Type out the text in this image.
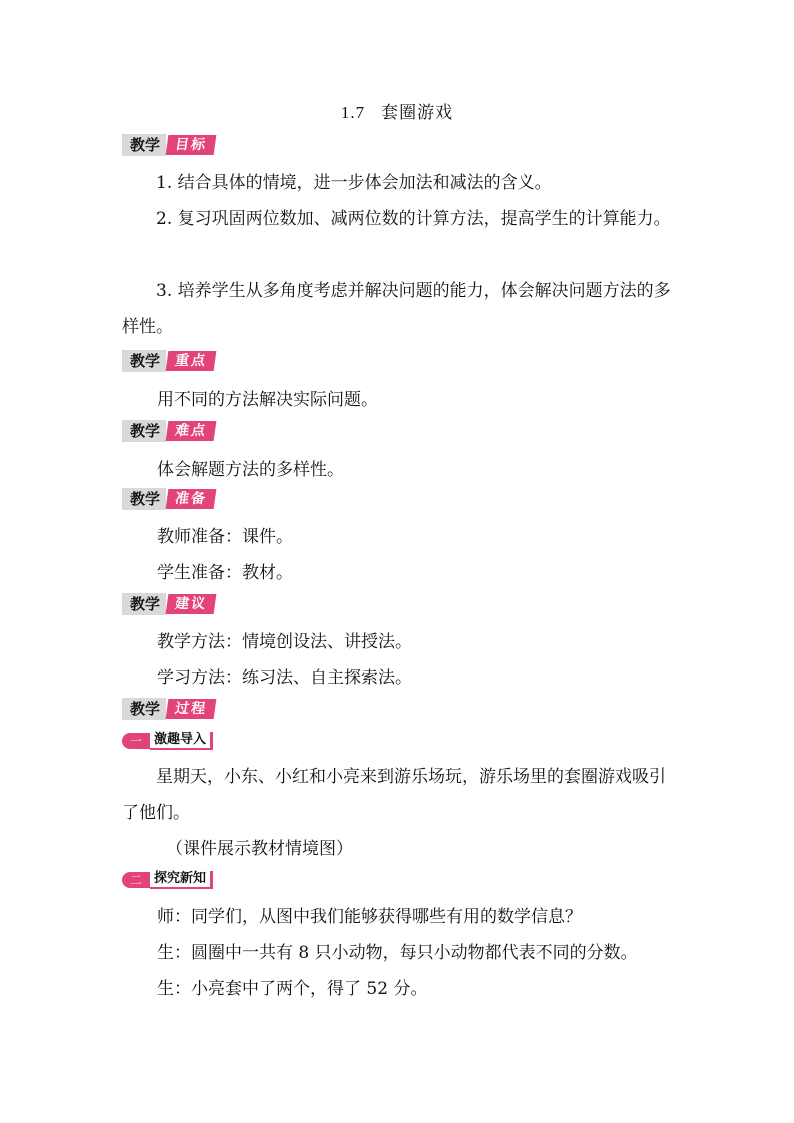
1.7 套圈游戏
教学 目标
1. 结合具体的情境，进一步体会加法和减法的含义。
2. 复习巩固两位数加、减两位数的计算方法，提高学生的计算能力。
3. 培养学生从多角度考虑并解决问题的能力，体会解决问题方法的多样性。
教学 重点
用不同的方法解决实际问题。
教学 难点
体会解题方法的多样性。
教学 准备
教师准备：课件。
学生准备：教材。
教学 建议
教学方法：情境创设法、讲授法。
学习方法：练习法、自主探索法。
教学 过程
一 激趣导入
星期天，小东、小红和小亮来到游乐场玩，游乐场里的套圈游戏吸引了他们。
（课件展示教材情境图）
二 探究新知
师：同学们，从图中我们能够获得哪些有用的数学信息？
生：圆圈中一共有 8 只小动物，每只小动物都代表不同的分数。
生：小亮套中了两个，得了 52 分。
